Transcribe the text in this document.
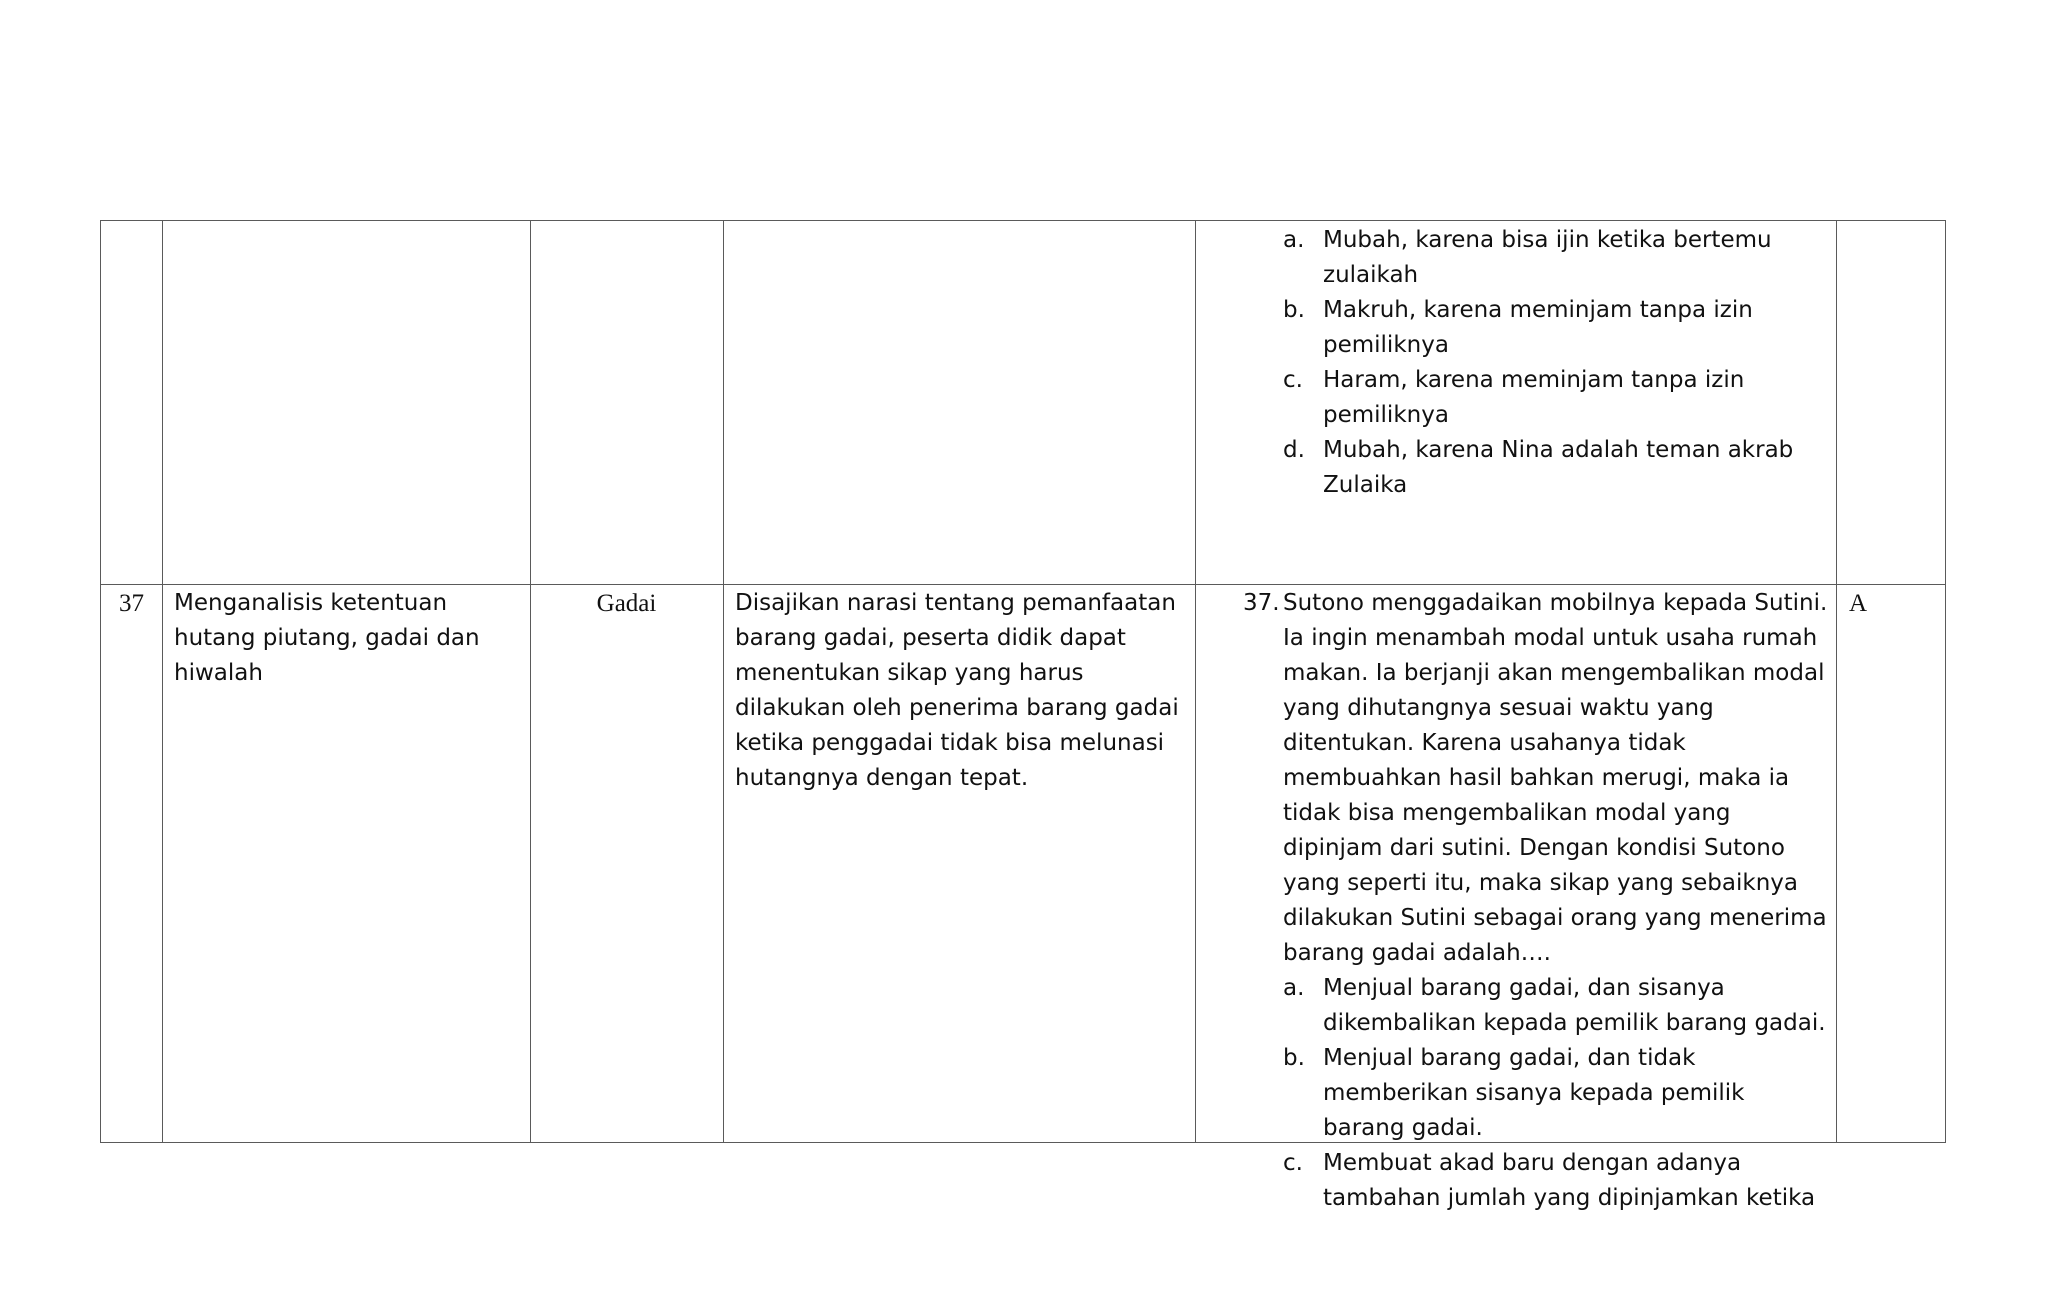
a. Mubah, karena bisa ijin ketika bertemu zulaikah
b. Makruh, karena meminjam tanpa izin pemiliknya
c. Haram, karena meminjam tanpa izin pemiliknya
d. Mubah, karena Nina adalah teman akrab Zulaika
37	Menganalisis ketentuan hutang piutang, gadai dan hiwalah
Gadai	Disajikan narasi tentang pemanfaatan barang gadai, peserta didik dapat menentukan sikap yang harus dilakukan oleh penerima barang gadai ketika penggadai tidak bisa melunasi hutangnya dengan tepat.
37. Sutono menggadaikan mobilnya kepada Sutini. Ia ingin menambah modal untuk usaha rumah makan. Ia berjanji akan mengembalikan modal yang dihutangnya sesuai waktu yang ditentukan. Karena usahanya tidak membuahkan hasil bahkan merugi, maka ia tidak bisa mengembalikan modal yang dipinjam dari sutini. Dengan kondisi Sutono yang seperti itu, maka sikap yang sebaiknya dilakukan Sutini sebagai orang yang menerima barang gadai adalah….
a. Menjual barang gadai, dan sisanya dikembalikan kepada pemilik barang gadai.
b. Menjual barang gadai, dan tidak memberikan sisanya kepada pemilik barang gadai.
c. Membuat akad baru dengan adanya tambahan jumlah yang dipinjamkan ketika
A
